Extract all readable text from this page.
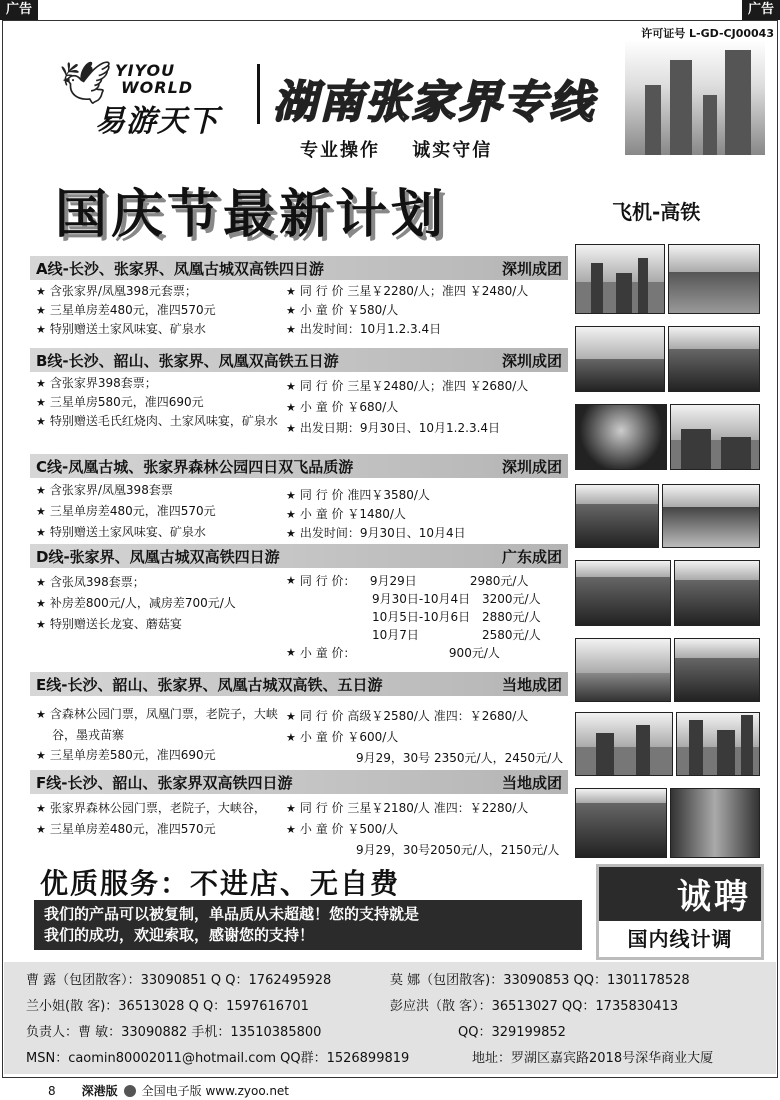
广告	广告
许可证号 L-GD-CJ00043
🕊 YIYOU
WORLD
易游天下 湖南张家界专线
专业操作 诚实守信
国庆节最新计划	飞机-高铁
A线-长沙、张家界、凤凰古城双高铁四日游	深圳成团
★ 含张家界/凤凰398元套票；
★ 三星单房差480元，准四570元
★ 特别赠送土家风味宴、矿泉水
★ 同 行 价 三星￥2280/人；准四 ￥2480/人
★ 小 童 价 ￥580/人
★ 出发时间：10月1.2.3.4日
B线-长沙、韶山、张家界、凤凰双高铁五日游	深圳成团
★ 含张家界398套票；
★ 三星单房580元，准四690元
★ 特别赠送毛氏红烧肉、土家风味宴，矿泉水
★ 同 行 价 三星￥2480/人；准四 ￥2680/人
★ 小 童 价 ￥680/人
★ 出发日期：9月30日、10月1.2.3.4日
C线-凤凰古城、张家界森林公园四日双飞品质游	深圳成团
★ 含张家界/凤凰398套票
★ 三星单房差480元，准四570元
★ 特别赠送土家风味宴、矿泉水
★ 同 行 价 准四￥3580/人
★ 小 童 价 ￥1480/人
★ 出发时间：9月30日、10月4日
D线-张家界、凤凰古城双高铁四日游	广东成团
★ 含张凤398套票；
★ 补房差800元/人，减房差700元/人
★ 特别赠送长龙宴、蘑菇宴
★ 同 行 价：	9月29日	2980元/人
9月30日-10月4日 3200元/人
10月5日-10月6日 2880元/人
10月7日	2580元/人
★ 小 童 价：	900元/人
E线-长沙、韶山、张家界、凤凰古城双高铁、五日游	当地成团
★ 含森林公园门票，凤凰门票，老院子，大峡谷，墨戎苗寨
★ 三星单房差580元，准四690元
★ 同 行 价 高级￥2580/人 准四：￥2680/人
★ 小 童 价 ￥600/人
9月29，30号 2350元/人，2450元/人
F线-长沙、韶山、张家界双高铁四日游	当地成团
★ 张家界森林公园门票，老院子，大峡谷，
★ 三星单房差480元，准四570元
★ 同 行 价 三星￥2180/人 准四：￥2280/人
★ 小 童 价 ￥500/人
9月29，30号2050元/人，2150元/人
优质服务：不进店、无自费
我们的产品可以被复制，单品质从未超越！您的支持就是
我们的成功，欢迎索取，感谢您的支持！
诚聘
国内线计调
曹 露（包团散客）：33090851 Q Q：1762495928	莫 娜（包团散客)：33090853 QQ：1301178528
兰小姐(散 客)：36513028 Q Q：1597616701	彭应洪（散 客）：36513027 QQ：1735830413
负责人：曹 敏：33090882 手机：13510385800	QQ：329199852
MSN：caomin80002011@hotmail.com QQ群：1526899819	地址：罗湖区嘉宾路2018号深华商业大厦
8 深港版 全国电子版 www.zyoo.net
